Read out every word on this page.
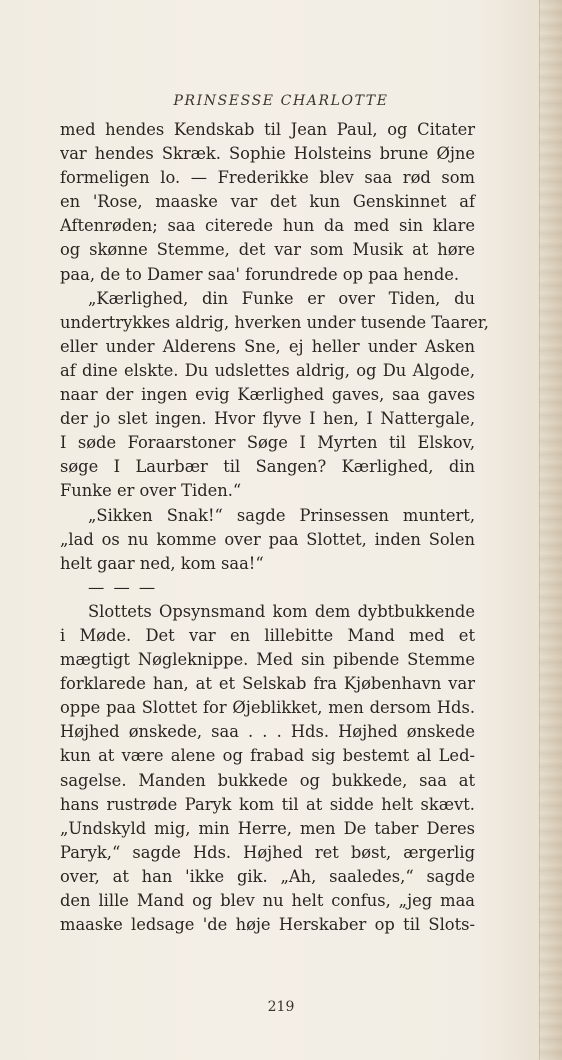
PRINSESSE CHARLOTTE
med hendes Kendskab til Jean Paul, og Citater
var hendes Skræk. Sophie Holsteins brune Øjne
formeligen lo. — Frederikke blev saa rød som
en 'Rose, maaske var det kun Genskinnet af
Aftenrøden; saa citerede hun da med sin klare
og skønne Stemme, det var som Musik at høre
paa, de to Damer saa' forundrede op paa hende.
„Kærlighed, din Funke er over Tiden, du
undertrykkes aldrig, hverken under tusende Taarer,
eller under Alderens Sne, ej heller under Asken
af dine elskte. Du udslettes aldrig, og Du Algode,
naar der ingen evig Kærlighed gaves, saa gaves
der jo slet ingen. Hvor flyve I hen, I Nattergale,
I søde Foraarstoner Søge I Myrten til Elskov,
søge I Laurbær til Sangen? Kærlighed, din
Funke er over Tiden.“
„Sikken Snak!“ sagde Prinsessen muntert,
„lad os nu komme over paa Slottet, inden Solen
helt gaar ned, kom saa!“
— — —
Slottets Opsynsmand kom dem dybtbukkende
i Møde. Det var en lillebitte Mand med et
mægtigt Nøgleknippe. Med sin pibende Stemme
forklarede han, at et Selskab fra Kjøbenhavn var
oppe paa Slottet for Øjeblikket, men dersom Hds.
Højhed ønskede, saa . . . Hds. Højhed ønskede
kun at være alene og frabad sig bestemt al Led-
sagelse. Manden bukkede og bukkede, saa at
hans rustrøde Paryk kom til at sidde helt skævt.
„Undskyld mig, min Herre, men De taber Deres
Paryk,“ sagde Hds. Højhed ret bøst, ærgerlig
over, at han 'ikke gik. „Ah, saaledes,“ sagde
den lille Mand og blev nu helt confus, „jeg maa
maaske ledsage 'de høje Herskaber op til Slots-
219
